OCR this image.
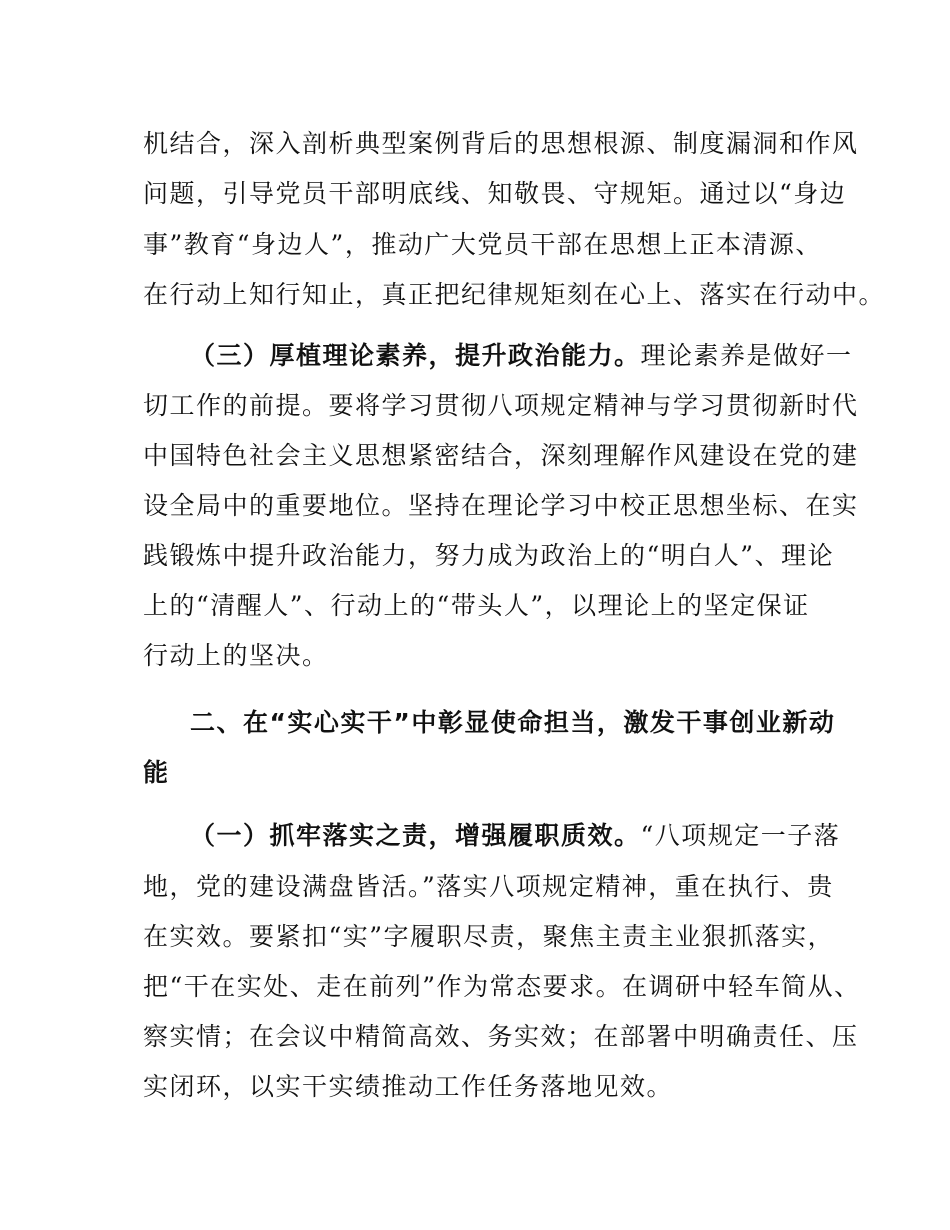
机结合，深入剖析典型案例背后的思想根源、制度漏洞和作风
问题，引导党员干部明底线、知敬畏、守规矩。通过以“身边
事”教育“身边人”，推动广大党员干部在思想上正本清源、
在行动上知行知止，真正把纪律规矩刻在心上、落实在行动中。
（三）厚植理论素养，提升政治能力。理论素养是做好一
切工作的前提。要将学习贯彻八项规定精神与学习贯彻新时代
中国特色社会主义思想紧密结合，深刻理解作风建设在党的建
设全局中的重要地位。坚持在理论学习中校正思想坐标、在实
践锻炼中提升政治能力，努力成为政治上的“明白人”、理论
上的“清醒人”、行动上的“带头人”，以理论上的坚定保证
行动上的坚决。
二、在“实心实干”中彰显使命担当，激发干事创业新动
能
（一）抓牢落实之责，增强履职质效。“八项规定一子落
地，党的建设满盘皆活。”落实八项规定精神，重在执行、贵
在实效。要紧扣“实”字履职尽责，聚焦主责主业狠抓落实，
把“干在实处、走在前列”作为常态要求。在调研中轻车简从、
察实情；在会议中精简高效、务实效；在部署中明确责任、压
实闭环，以实干实绩推动工作任务落地见效。
